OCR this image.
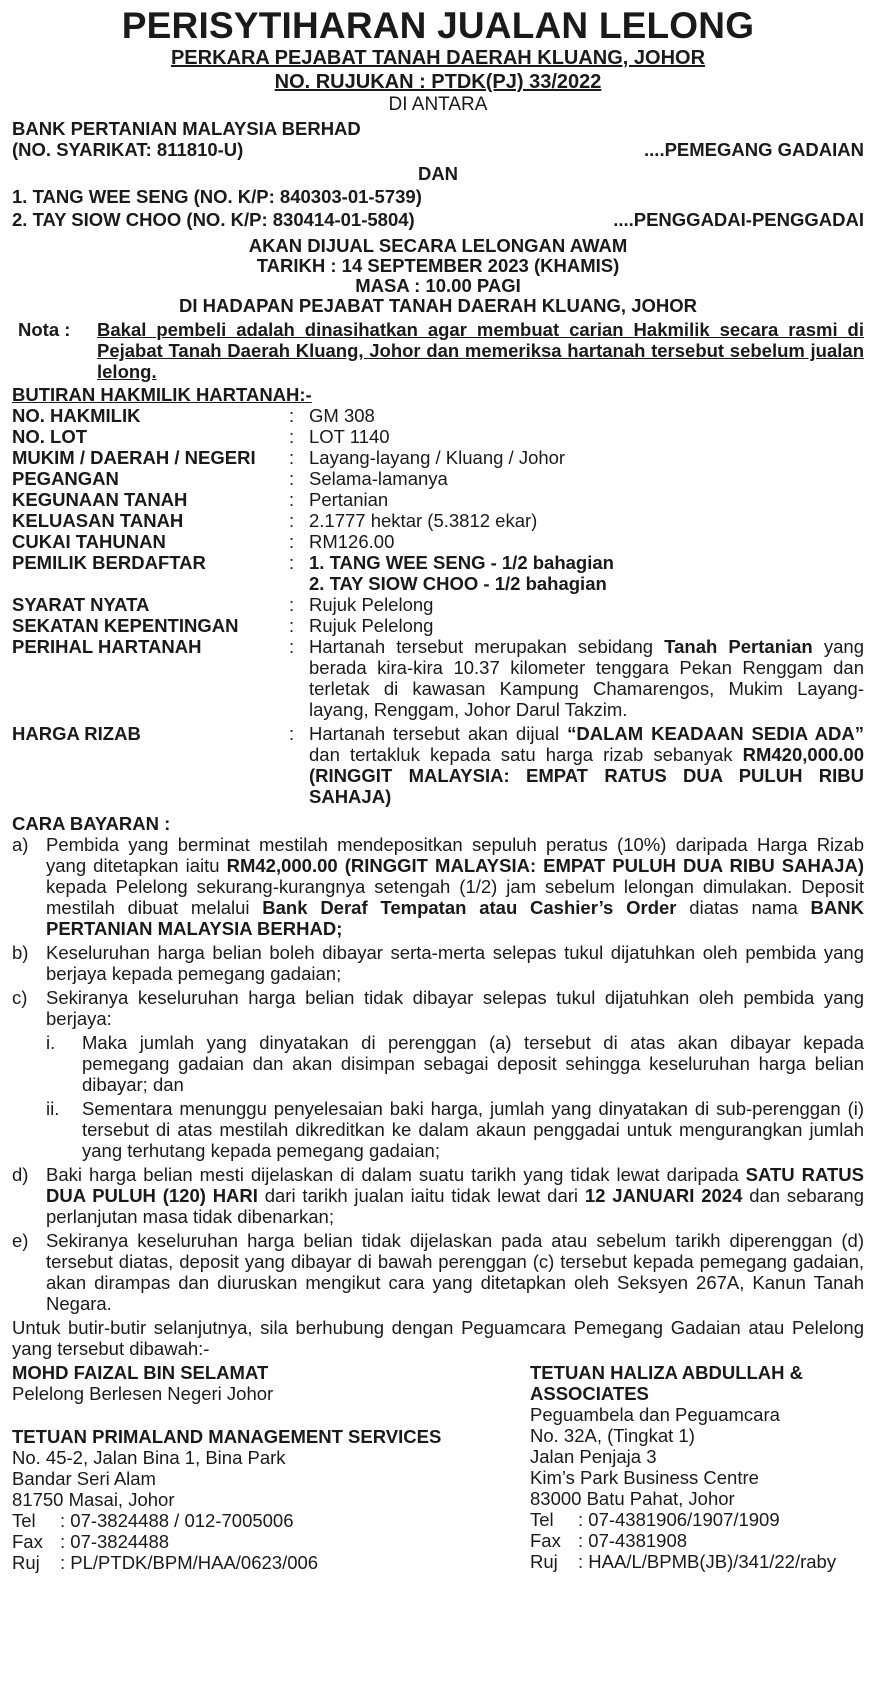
PERISYTIHARAN JUALAN LELONG
PERKARA PEJABAT TANAH DAERAH KLUANG, JOHOR
NO. RUJUKAN : PTDK(PJ) 33/2022
DI ANTARA
BANK PERTANIAN MALAYSIA BERHAD
(NO. SYARIKAT: 811810-U)	....PEMEGANG GADAIAN
DAN
1. TANG WEE SENG (NO. K/P: 840303-01-5739)
2. TAY SIOW CHOO (NO. K/P: 830414-01-5804)	....PENGGADAI-PENGGADAI
AKAN DIJUAL SECARA LELONGAN AWAM
TARIKH : 14 SEPTEMBER 2023 (KHAMIS)
MASA : 10.00 PAGI
DI HADAPAN PEJABAT TANAH DAERAH KLUANG, JOHOR
Nota :	Bakal pembeli adalah dinasihatkan agar membuat carian Hakmilik secara rasmi di Pejabat Tanah Daerah Kluang, Johor dan memeriksa hartanah tersebut sebelum jualan lelong.
BUTIRAN HAKMILIK HARTANAH:-
NO. HAKMILIK	: GM 308
NO. LOT	: LOT 1140
MUKIM / DAERAH / NEGERI	: Layang-layang / Kluang / Johor
PEGANGAN	: Selama-lamanya
KEGUNAAN TANAH	: Pertanian
KELUASAN TANAH	: 2.1777 hektar (5.3812 ekar)
CUKAI TAHUNAN	: RM126.00
PEMILIK BERDAFTAR	: 1. TANG WEE SENG - 1/2 bahagian
2. TAY SIOW CHOO - 1/2 bahagian
SYARAT NYATA	: Rujuk Pelelong
SEKATAN KEPENTINGAN	: Rujuk Pelelong
PERIHAL HARTANAH	: Hartanah tersebut merupakan sebidang Tanah Pertanian yang berada kira-kira 10.37 kilometer tenggara Pekan Renggam dan terletak di kawasan Kampung Chamarengos, Mukim Layang-layang, Renggam, Johor Darul Takzim.
HARGA RIZAB	: Hartanah tersebut akan dijual “DALAM KEADAAN SEDIA ADA” dan tertakluk kepada satu harga rizab sebanyak RM420,000.00 (RINGGIT MALAYSIA: EMPAT RATUS DUA PULUH RIBU SAHAJA)
CARA BAYARAN :
a) Pembida yang berminat mestilah mendepositkan sepuluh peratus (10%) daripada Harga Rizab yang ditetapkan iaitu RM42,000.00 (RINGGIT MALAYSIA: EMPAT PULUH DUA RIBU SAHAJA) kepada Pelelong sekurang-kurangnya setengah (1/2) jam sebelum lelongan dimulakan. Deposit mestilah dibuat melalui Bank Deraf Tempatan atau Cashier’s Order diatas nama BANK PERTANIAN MALAYSIA BERHAD;
b) Keseluruhan harga belian boleh dibayar serta-merta selepas tukul dijatuhkan oleh pembida yang berjaya kepada pemegang gadaian;
c)	Sekiranya keseluruhan harga belian tidak dibayar selepas tukul dijatuhkan oleh pembida yang berjaya:
i.	Maka jumlah yang dinyatakan di perenggan (a) tersebut di atas akan dibayar kepada pemegang gadaian dan akan disimpan sebagai deposit sehingga keseluruhan harga belian dibayar; dan
ii.	Sementara menunggu penyelesaian baki harga, jumlah yang dinyatakan di sub-perenggan (i) tersebut di atas mestilah dikreditkan ke dalam akaun penggadai untuk mengurangkan jumlah yang terhutang kepada pemegang gadaian;
d) Baki harga belian mesti dijelaskan di dalam suatu tarikh yang tidak lewat daripada SATU RATUS DUA PULUH (120) HARI dari tarikh jualan iaitu tidak lewat dari 12 JANUARI 2024 dan sebarang perlanjutan masa tidak dibenarkan;
e) Sekiranya keseluruhan harga belian tidak dijelaskan pada atau sebelum tarikh diperenggan (d) tersebut diatas, deposit yang dibayar di bawah perenggan (c) tersebut kepada pemegang gadaian, akan dirampas dan diuruskan mengikut cara yang ditetapkan oleh Seksyen 267A, Kanun Tanah Negara.
Untuk butir-butir selanjutnya, sila berhubung dengan Peguamcara Pemegang Gadaian atau Pelelong yang tersebut dibawah:-
MOHD FAIZAL BIN SELAMAT
Pelelong Berlesen Negeri Johor
TETUAN PRIMALAND MANAGEMENT SERVICES
No. 45-2, Jalan Bina 1, Bina Park
Bandar Seri Alam
81750 Masai, Johor
Tel	: 07-3824488 / 012-7005006
Fax : 07-3824488
Ruj	: PL/PTDK/BPM/HAA/0623/006
TETUAN HALIZA ABDULLAH &
ASSOCIATES
Peguambela dan Peguamcara
No. 32A, (Tingkat 1)
Jalan Penjaja 3
Kim’s Park Business Centre
83000 Batu Pahat, Johor
Tel	: 07-4381906/1907/1909
Fax : 07-4381908
Ruj	: HAA/L/BPMB(JB)/341/22/raby
